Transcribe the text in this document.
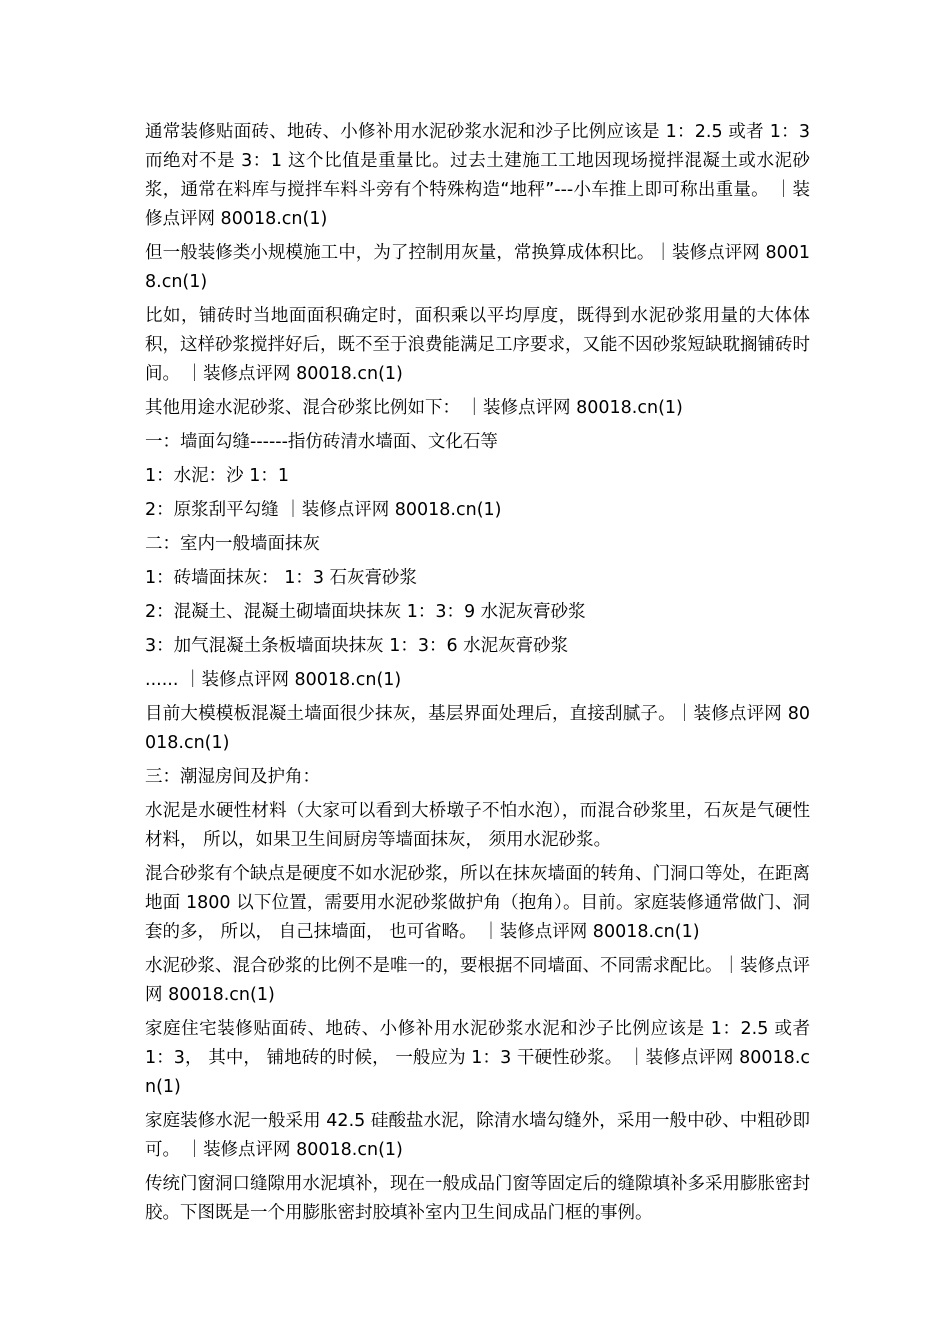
通常装修贴面砖、地砖、小修补用水泥砂浆水泥和沙子比例应该是 1：2.5 或者 1：3 而绝对不是 3：1 这个比值是重量比。过去土建施工工地因现场搅拌混凝土或水泥砂浆，通常在料库与搅拌车料斗旁有个特殊构造“地秤”---小车推上即可称出重量。 ｜装修点评网 80018.cn(1)

但一般装修类小规模施工中，为了控制用灰量，常换算成体积比。｜装修点评网 80018.cn(1)

比如，铺砖时当地面面积确定时，面积乘以平均厚度，既得到水泥砂浆用量的大体体积，这样砂浆搅拌好后，既不至于浪费能满足工序要求，又能不因砂浆短缺耽搁铺砖时间。 ｜装修点评网 80018.cn(1)

其他用途水泥砂浆、混合砂浆比例如下： ｜装修点评网 80018.cn(1)

一：墙面勾缝------指仿砖清水墙面、文化石等

1：水泥：沙 1：1

2：原浆刮平勾缝 ｜装修点评网 80018.cn(1)

二：室内一般墙面抹灰

1：砖墙面抹灰： 1：3 石灰膏砂浆

2：混凝土、混凝土砌墙面块抹灰 1：3：9 水泥灰膏砂浆

3：加气混凝土条板墙面块抹灰 1：3：6 水泥灰膏砂浆

...... ｜装修点评网 80018.cn(1)

目前大模模板混凝土墙面很少抹灰，基层界面处理后，直接刮腻子。｜装修点评网 80018.cn(1)

三：潮湿房间及护角：

水泥是水硬性材料（大家可以看到大桥墩子不怕水泡），而混合砂浆里，石灰是气硬性材料， 所以，如果卫生间厨房等墙面抹灰， 须用水泥砂浆。

混合砂浆有个缺点是硬度不如水泥砂浆，所以在抹灰墙面的转角、门洞口等处，在距离地面 1800 以下位置，需要用水泥砂浆做护角（抱角）。目前。家庭装修通常做门、洞套的多， 所以， 自己抹墙面， 也可省略。 ｜装修点评网 80018.cn(1)

水泥砂浆、混合砂浆的比例不是唯一的，要根据不同墙面、不同需求配比。｜装修点评网 80018.cn(1)

家庭住宅装修贴面砖、地砖、小修补用水泥砂浆水泥和沙子比例应该是 1：2.5 或者 1：3， 其中， 铺地砖的时候， 一般应为 1：3 干硬性砂浆。 ｜装修点评网 80018.cn(1)

家庭装修水泥一般采用 42.5 硅酸盐水泥，除清水墙勾缝外，采用一般中砂、中粗砂即可。 ｜装修点评网 80018.cn(1)

传统门窗洞口缝隙用水泥填补，现在一般成品门窗等固定后的缝隙填补多采用膨胀密封胶。下图既是一个用膨胀密封胶填补室内卫生间成品门框的事例。
